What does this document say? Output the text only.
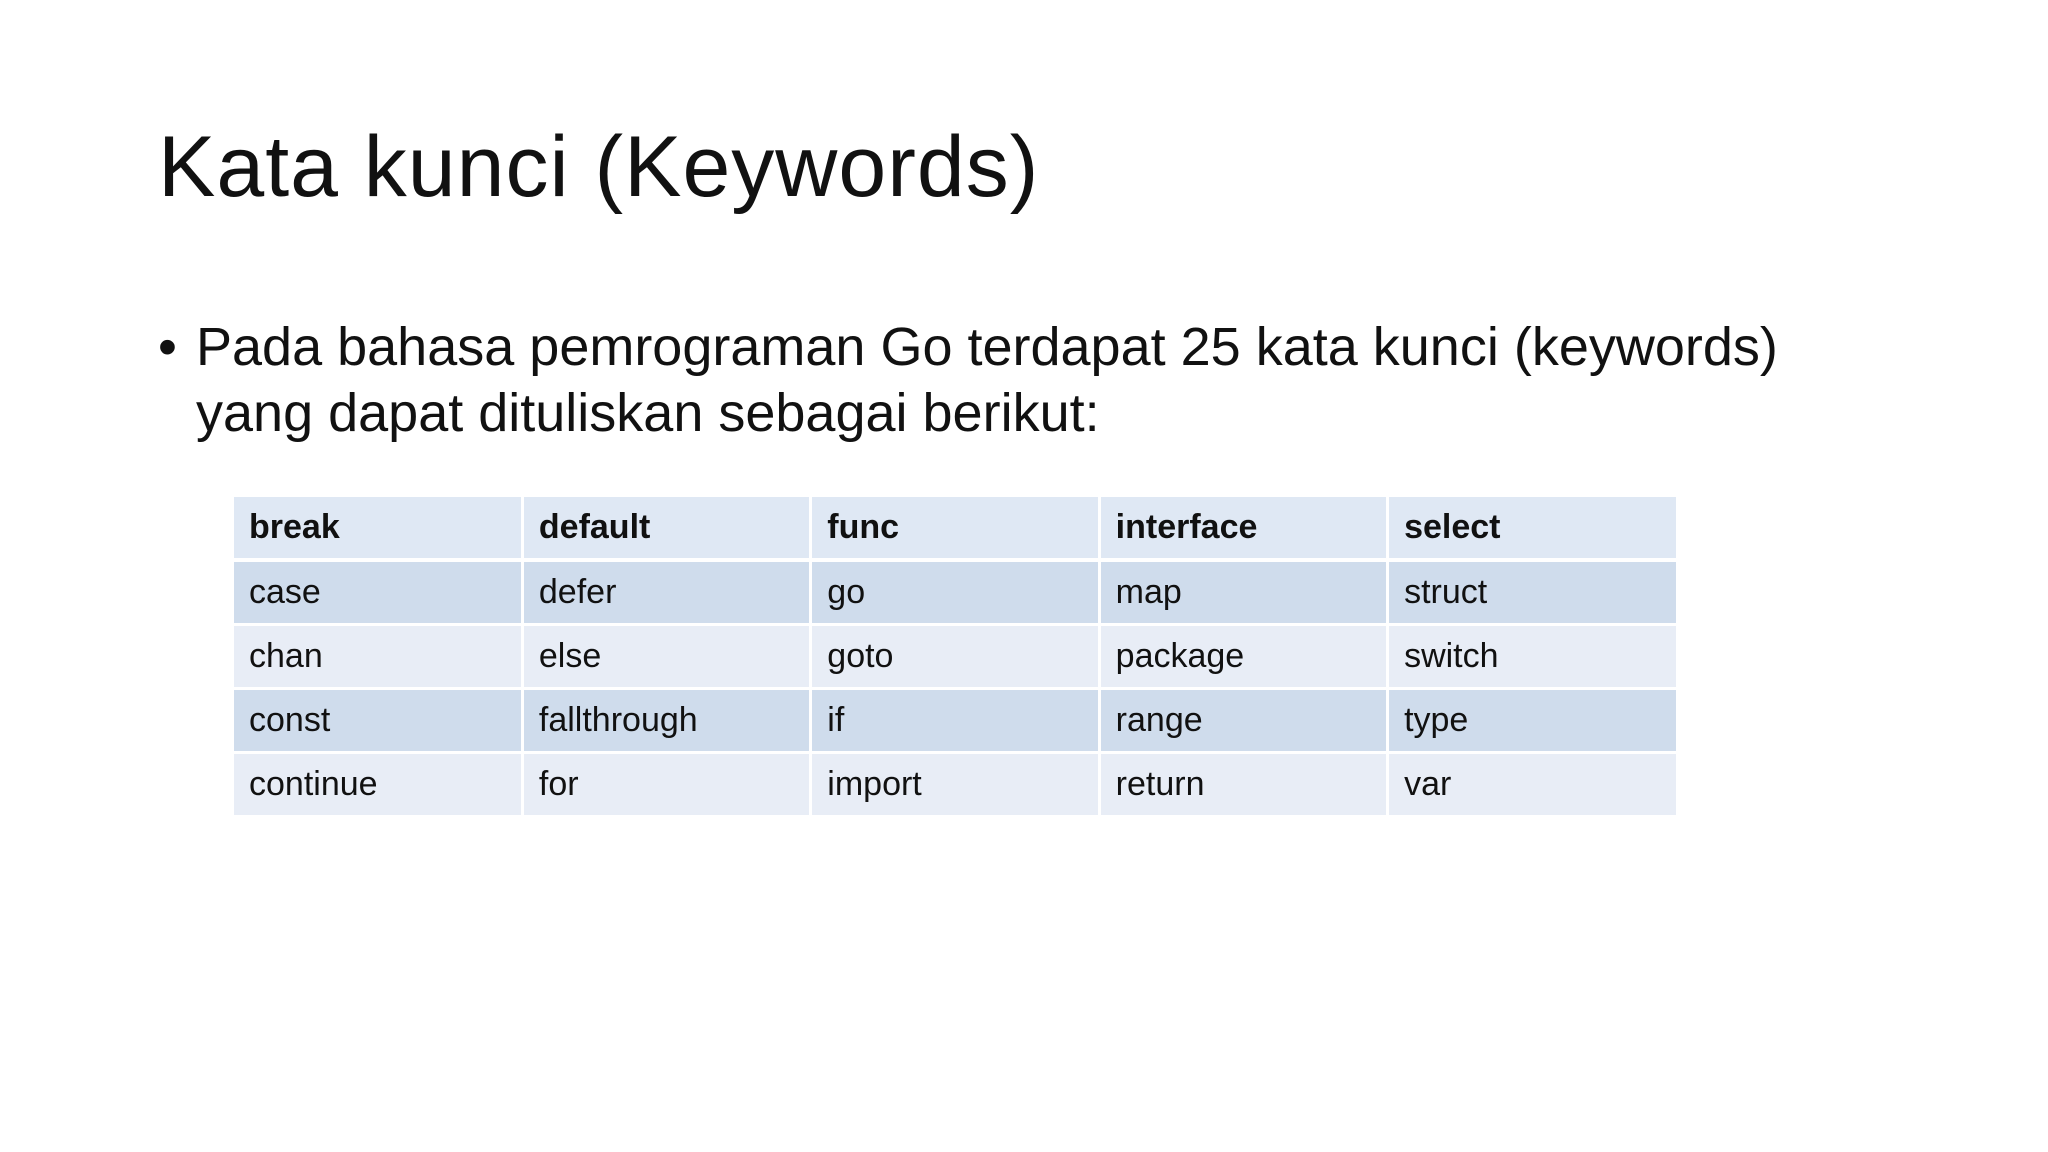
Kata kunci (Keywords)
• Pada bahasa pemrograman Go terdapat 25 kata kunci (keywords)
yang dapat dituliskan sebagai berikut:
break	default	func	interface	select
case	defer	go	map	struct
chan	else	goto	package	switch
const	fallthrough	if	range	type
continue	for	import	return	var
